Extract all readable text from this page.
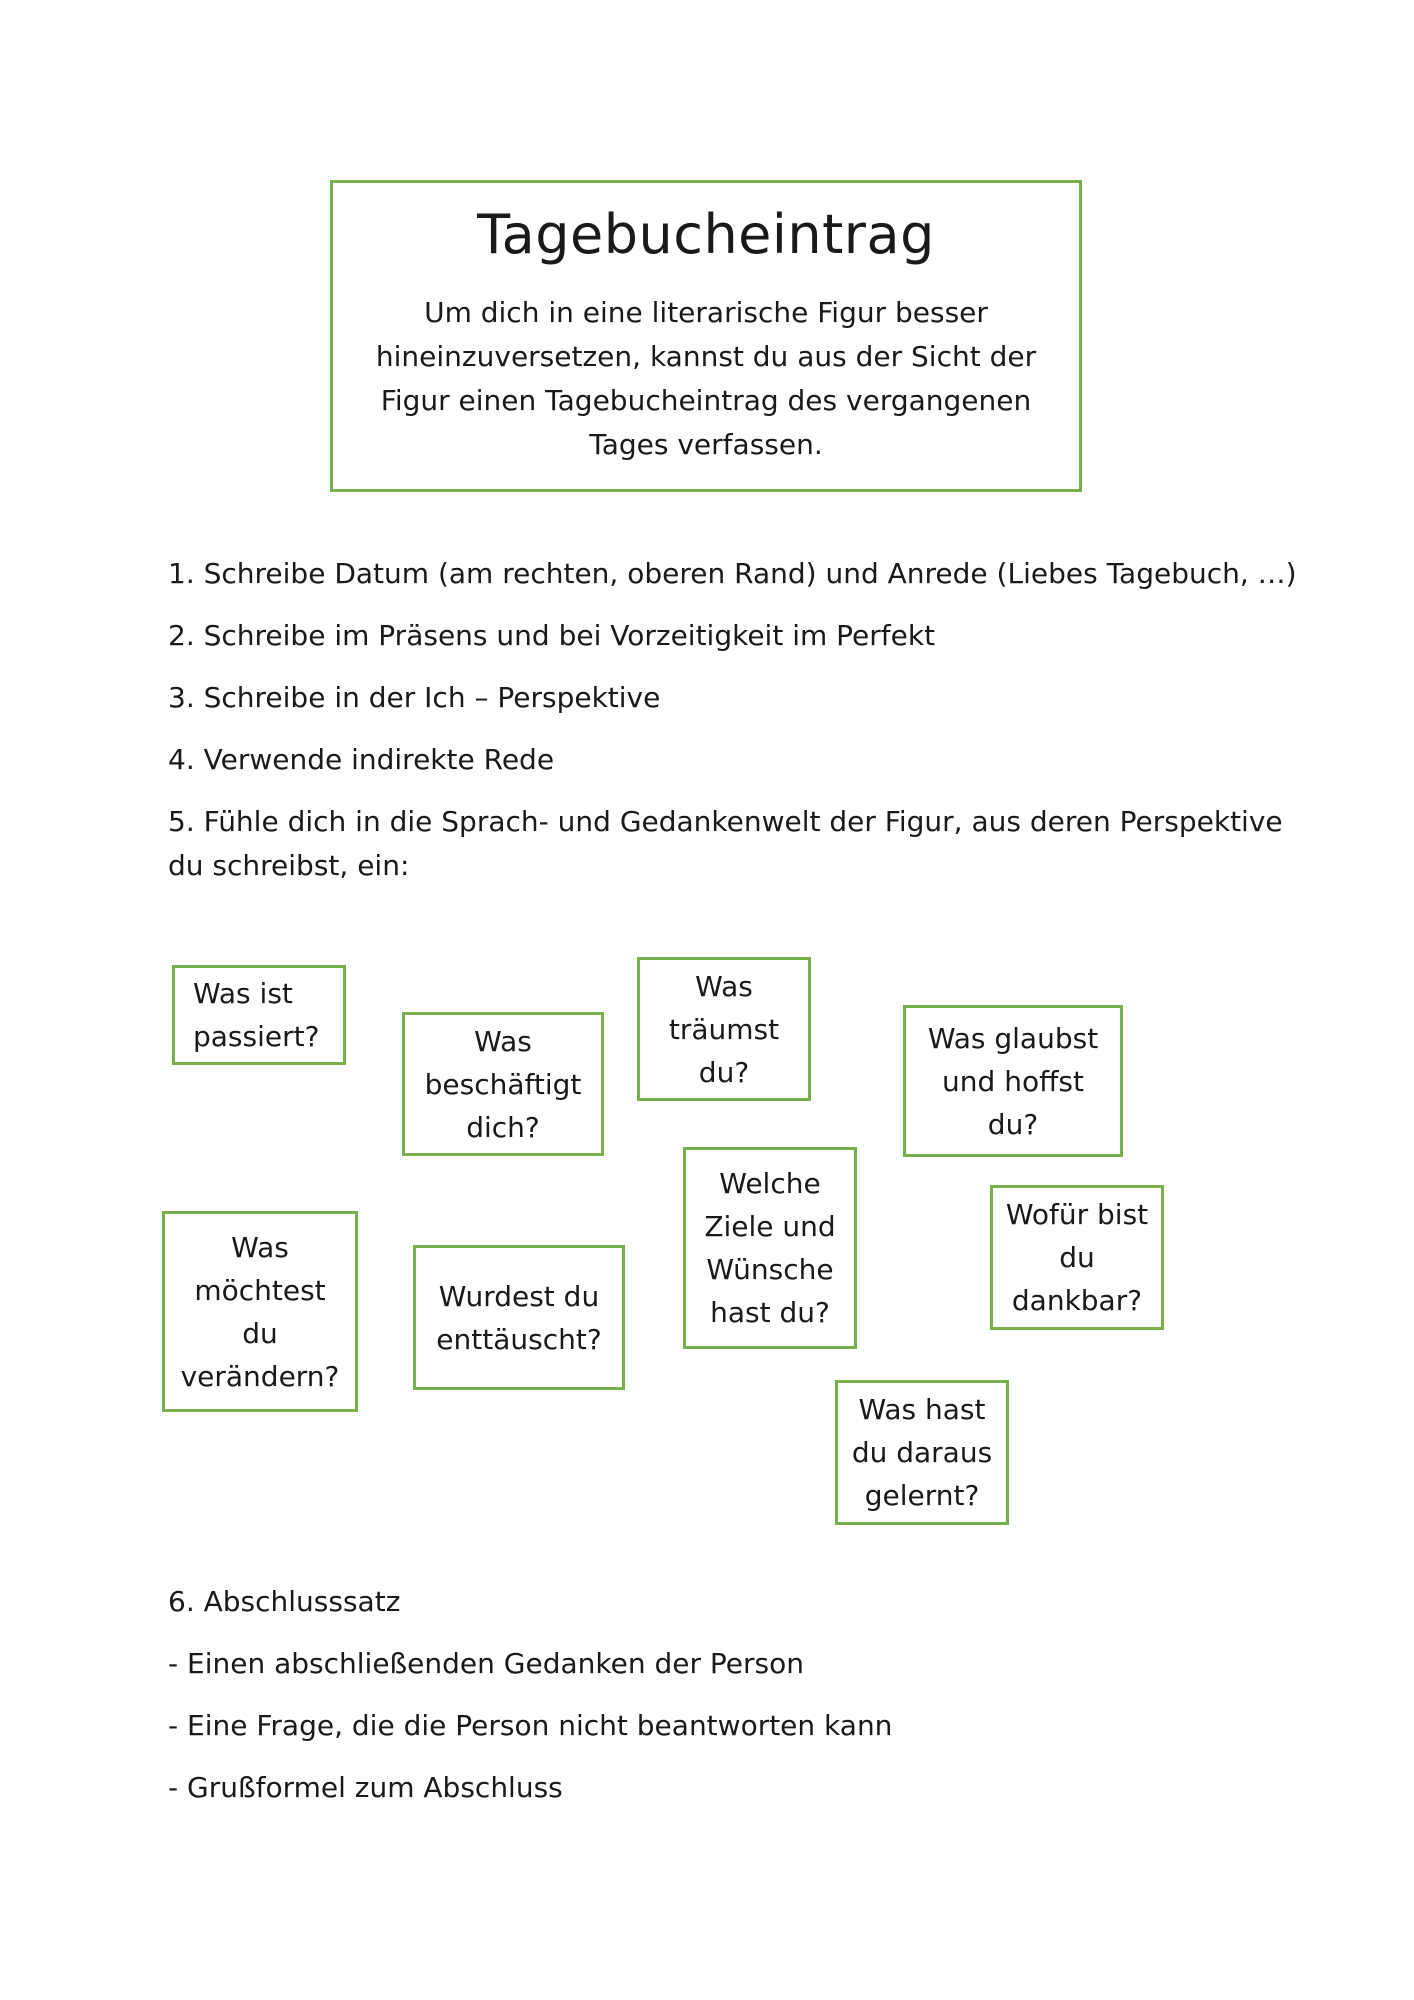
Tagebucheintrag
Um dich in eine literarische Figur besser hineinzuversetzen, kannst du aus der Sicht der Figur einen Tagebucheintrag des vergangenen Tages verfassen.
1. Schreibe Datum (am rechten, oberen Rand) und Anrede (Liebes Tagebuch, …)
2. Schreibe im Präsens und bei Vorzeitigkeit im Perfekt
3. Schreibe in der Ich – Perspektive
4. Verwende indirekte Rede
5. Fühle dich in die Sprach- und Gedankenwelt der Figur, aus deren Perspektive du schreibst, ein:
Was ist passiert?	Was beschäftigt dich?
Was träumst du?
Was glaubst und hoffst du?
Welche Ziele und Wünsche hast du?
Wofür bist du dankbar?
Was möchtest du verändern?
Wurdest du enttäuscht?
Was hast du daraus gelernt?
6. Abschlusssatz
- Einen abschließenden Gedanken der Person
- Eine Frage, die die Person nicht beantworten kann
- Grußformel zum Abschluss
